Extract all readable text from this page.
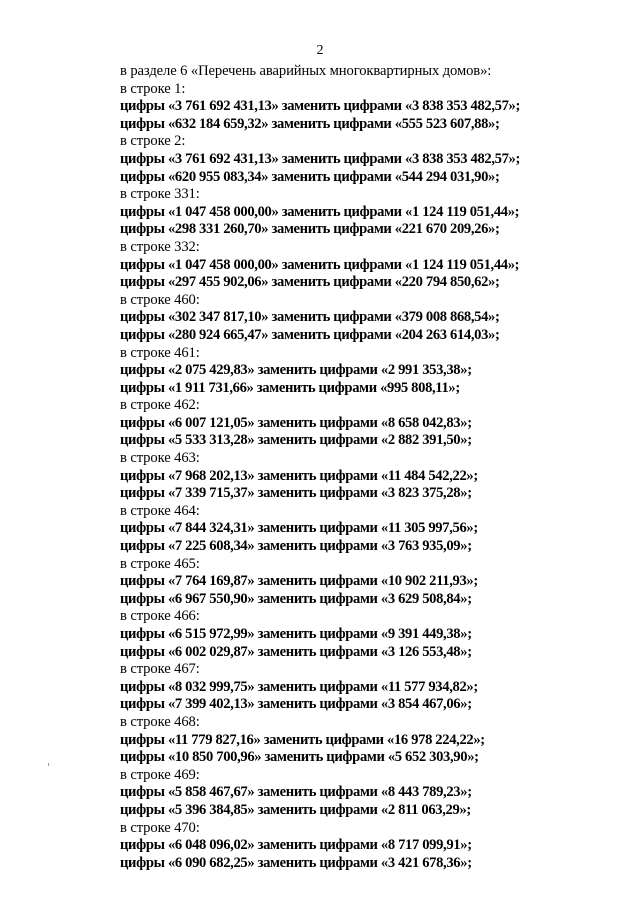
2
в разделе 6 «Перечень аварийных многоквартирных домов»:
в строке 1:
цифры «3 761 692 431,13» заменить цифрами «3 838 353 482,57»;
цифры «632 184 659,32» заменить цифрами «555 523 607,88»;
в строке 2:
цифры «3 761 692 431,13» заменить цифрами «3 838 353 482,57»;
цифры «620 955 083,34» заменить цифрами «544 294 031,90»;
в строке 331:
цифры «1 047 458 000,00» заменить цифрами «1 124 119 051,44»;
цифры «298 331 260,70» заменить цифрами «221 670 209,26»;
в строке 332:
цифры «1 047 458 000,00» заменить цифрами «1 124 119 051,44»;
цифры «297 455 902,06» заменить цифрами «220 794 850,62»;
в строке 460:
цифры «302 347 817,10» заменить цифрами «379 008 868,54»;
цифры «280 924 665,47» заменить цифрами «204 263 614,03»;
в строке 461:
цифры «2 075 429,83» заменить цифрами «2 991 353,38»;
цифры «1 911 731,66» заменить цифрами «995 808,11»;
в строке 462:
цифры «6 007 121,05» заменить цифрами «8 658 042,83»;
цифры «5 533 313,28» заменить цифрами «2 882 391,50»;
в строке 463:
цифры «7 968 202,13» заменить цифрами «11 484 542,22»;
цифры «7 339 715,37» заменить цифрами «3 823 375,28»;
в строке 464:
цифры «7 844 324,31» заменить цифрами «11 305 997,56»;
цифры «7 225 608,34» заменить цифрами «3 763 935,09»;
в строке 465:
цифры «7 764 169,87» заменить цифрами «10 902 211,93»;
цифры «6 967 550,90» заменить цифрами «3 629 508,84»;
в строке 466:
цифры «6 515 972,99» заменить цифрами «9 391 449,38»;
цифры «6 002 029,87» заменить цифрами «3 126 553,48»;
в строке 467:
цифры «8 032 999,75» заменить цифрами «11 577 934,82»;
цифры «7 399 402,13» заменить цифрами «3 854 467,06»;
в строке 468:
цифры «11 779 827,16» заменить цифрами «16 978 224,22»;
цифры «10 850 700,96» заменить цифрами «5 652 303,90»;
в строке 469:
цифры «5 858 467,67» заменить цифрами «8 443 789,23»;
цифры «5 396 384,85» заменить цифрами «2 811 063,29»;
в строке 470:
цифры «6 048 096,02» заменить цифрами «8 717 099,91»;
цифры «6 090 682,25» заменить цифрами «3 421 678,36»;
